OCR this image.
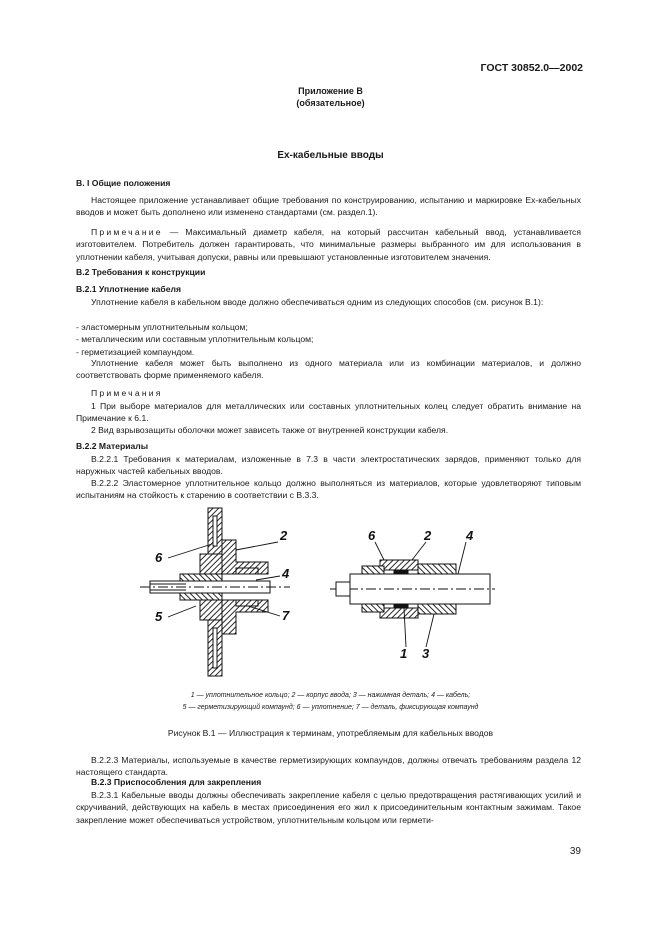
ГОСТ 30852.0—2002
Приложение В
(обязательное)
Ех-кабельные вводы
В. I Общие положения
Настоящее приложение устанавливает общие требования по конструированию, испытанию и маркировке Ех-кабельных вводов и может быть дополнено или изменено стандартами (см. раздел.1).
Примечание — Максимальный диаметр кабеля, на который рассчитан кабельный ввод, устанавливается изготовителем. Потребитель должен гарантировать, что минимальные размеры выбранного им для использования в уплотнении кабеля, учитывая допуски, равны или превышают установленные изготовителем значения.
В.2 Требования к конструкции
В.2.1 Уплотнение кабеля
Уплотнение кабеля в кабельном вводе должно обеспечиваться одним из следующих способов (см. рисунок В.1):
- эластомерным уплотнительным кольцом;
- металлическим или составным уплотнительным кольцом;
- герметизацией компаундом.
Уплотнение кабеля может быть выполнено из одного материала или из комбинации материалов, и должно соответствовать форме применяемого кабеля.
Примечания
1 При выборе материалов для металлических или составных уплотнительных колец следует обратить внимание на Примечание к 6.1.
2 Вид взрывозащиты оболочки может зависеть также от внутренней конструкции кабеля.
В.2.2 Материалы
В.2.2.1 Требования к материалам, изложенные в 7.3 в части электростатических зарядов, применяют только для наружных частей кабельных вводов.
В.2.2.2 Эластомерное уплотнительное кольцо должно выполняться из материалов, которые удовлетворяют типовым испытаниям на стойкость к старению в соответствии с В.3.3.
6
2
4
5	7
6	2	4
1 3
1 — уплотнительное кольцо; 2 — корпус ввода; 3 — нажимная деталь; 4 — кабель;
5 — герметизирующий компаунд; 6 — уплотнение; 7 — деталь, фиксирующая компаунд
Рисунок В.1 — Иллюстрация к терминам, употребляемым для кабельных вводов
В.2.2.3 Материалы, используемые в качестве герметизирующих компаундов, должны отвечать требованиям раздела 12 настоящего стандарта.
В.2.3 Приспособления для закрепления
В.2.3.1 Кабельные вводы должны обеспечивать закрепление кабеля с целью предотвращения растягивающих усилий и скручиваний, действующих на кабель в местах присоединения его жил к присоединительным контактным зажимам. Такое закрепление может обеспечиваться устройством, уплотнительным кольцом или гермети-
39
